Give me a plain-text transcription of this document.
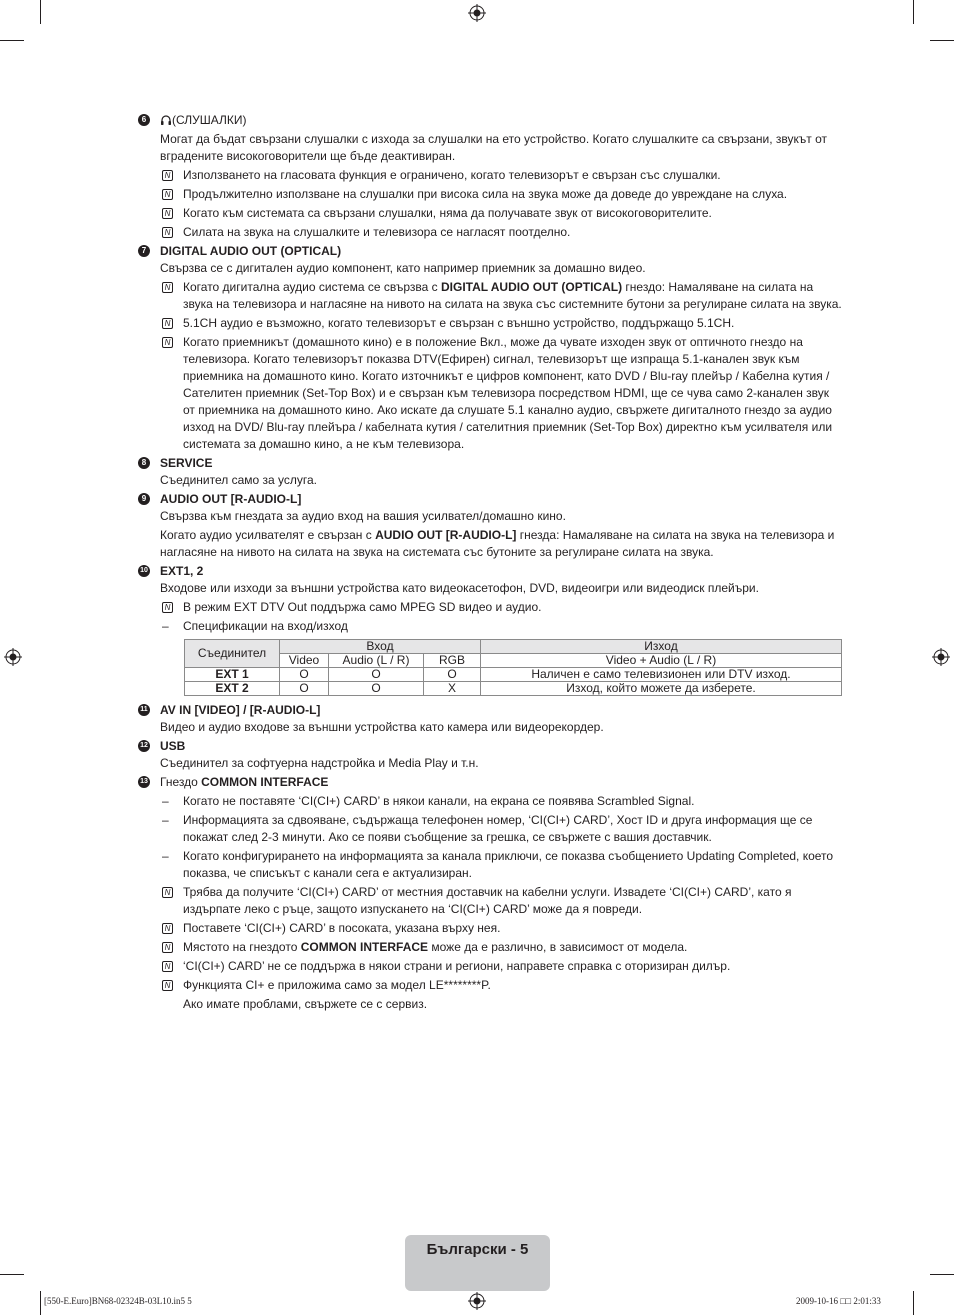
6	(СЛУШАЛКИ)
Могат да бъдат свързани слушалки с изхода за слушалки на ето устройство. Когато слушалките са свързани, звукът от вградените високоговорители ще бъде деактивиран.
N Използването на гласовата функция е ограничено, когато телевизорът е свързан със слушалки.
N Продължително използване на слушалки при висока сила на звука може да доведе до увреждане на слуха.
N Когато към системата са свързани слушалки, няма да получавате звук от високоговорителите.
N Силата на звука на слушалките и телевизора се нагласят поотделно.
7	DIGITAL AUDIO OUT (OPTICAL)
Свързва се с дигитален аудио компонент, като например приемник за домашно видео.
N Когато дигитална аудио система се свързва с DIGITAL AUDIO OUT (OPTICAL) гнездо: Намаляване на силата на звука на телевизора и нагласяне на нивото на силата на звука със системните бутони за регулиране силата на звука.
N 5.1CH аудио е възможно, когато телевизорът е свързан с външно устройство, поддържащо 5.1CH.
N Когато приемникът (домашното кино) е в положение Вкл., може да чувате изходен звук от оптичното гнездо на телевизора. Когато телевизорът показва DTV(Ефирен) сигнал, телевизорът ще изпраща 5.1-канален звук към приемника на домашното кино. Когато източникът е цифров компонент, като DVD / Blu-ray плейър / Кабелна кутия / Сателитен приемник (Set-Top Box) и е свързан към телевизора посредством HDMI, ще се чува само 2-канален звук от приемника на домашното кино. Ако искате да слушате 5.1 канално аудио, свържете дигиталното гнездо за аудио изход на DVD/ Blu-ray плейъра / кабелната кутия / сателитния приемник (Set-Top Box) директно към усилвателя или системата за домашно кино, а не към телевизора.
8	SERVICE
Съединител само за услуга.
9	AUDIO OUT [R-AUDIO-L]
Свързва към гнездата за аудио вход на вашия усилвател/домашно кино.
Когато аудио усилвателят е свързан с AUDIO OUT [R-AUDIO-L] гнезда: Намаляване на силата на звука на телевизора и нагласяне на нивото на силата на звука на системата със бутоните за регулиране силата на звука.
10 EXT1, 2
Входове или изходи за външни устройства като видеокасетофон, DVD, видеоигри или видеодиск плейъри.
N В режим EXT DTV Out поддържа само MPEG SD видео и аудио.
– Спецификации на вход/изход
Съединител	Вход			Изход
	Video	Audio (L / R)	RGB	Video + Audio (L / R)
EXT 1	O	O	O	Наличен е само телевизионен или DTV изход.
EXT 2	O	O	X	Изход, който можете да изберете.
11 AV IN [VIDEO] / [R-AUDIO-L]
Видео и аудио входове за външни устройства като камера или видеорекордер.
12 USB
Съединител за софтуерна надстройка и Media Play и т.н.
13 Гнездо COMMON INTERFACE
– Когато не поставяте ‘CI(CI+) CARD’ в някои канали, на екрана се появява Scrambled Signal.
– Информацията за сдвояване, съдържаща телефонен номер, ‘CI(CI+) CARD’, Хост ID и друга информация ще се покажат след 2-3 минути. Ако се появи съобщение за грешка, се свържете с вашия доставчик.
– Когато конфигурирането на информацията за канала приключи, се показва съобщението Updating Completed, което показва, че списъкът с канали сега е актуализиран.
N Трябва да получите ‘CI(CI+) CARD’ от местния доставчик на кабелни услуги. Извадете ‘CI(CI+) CARD’, като я издърпате леко с ръце, защото изпускането на ‘CI(CI+) CARD’ може да я повреди.
N Поставете ‘CI(CI+) CARD’ в посоката, указана върху нея.
N Мястото на гнездото COMMON INTERFACE може да е различно, в зависимост от модела.
N ‘CI(CI+) CARD’ не се поддържа в някои страни и региони, направете справка с оторизиран дилър.
N Функцията CI+ е приложима само за модел LE********P.
Ако имате проблами, свържете се с сервиз.
Български - 5
[550-E.Euro]BN68-02324B-03L10.in5 5	2009-10-16 □□ 2:01:33
